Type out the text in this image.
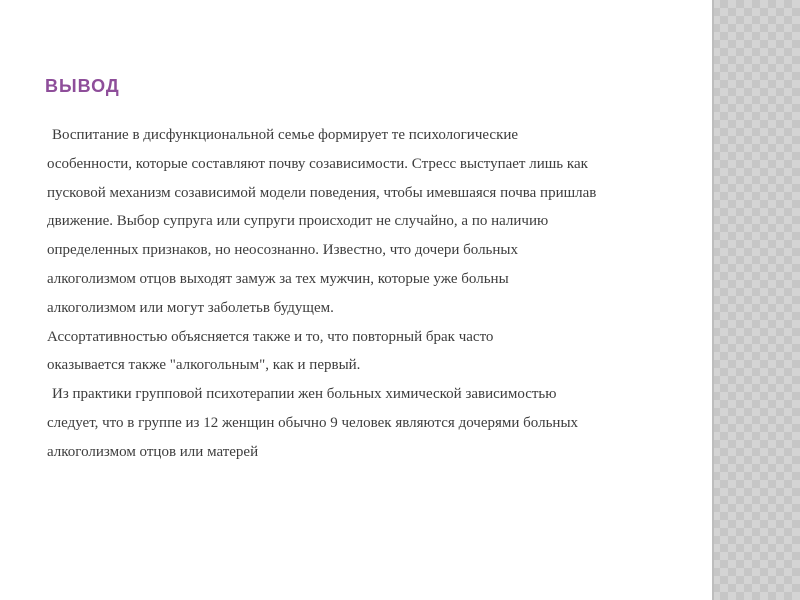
ВЫВОД
Воспитание в дисфункциональной семье формирует те психологические
особенности, которые составляют почву созависимости. Стресс выступает лишь как
пусковой механизм созависимой модели поведения, чтобы имевшаяся почва пришлав
движение. Выбор супруга или супруги происходит не случайно, а по наличию
определенных признаков, но неосознанно. Известно, что дочери больных
алкоголизмом отцов выходят замуж за тех мужчин, которые уже больны
алкоголизмом или могут заболетьв будущем.
Ассортативностью объясняется также и то, что повторный брак часто
оказывается также "алкогольным", как и первый.
Из практики групповой психотерапии жен больных химической зависимостью
следует, что в группе из 12 женщин обычно 9 человек являются дочерями больных
алкоголизмом отцов или матерей
